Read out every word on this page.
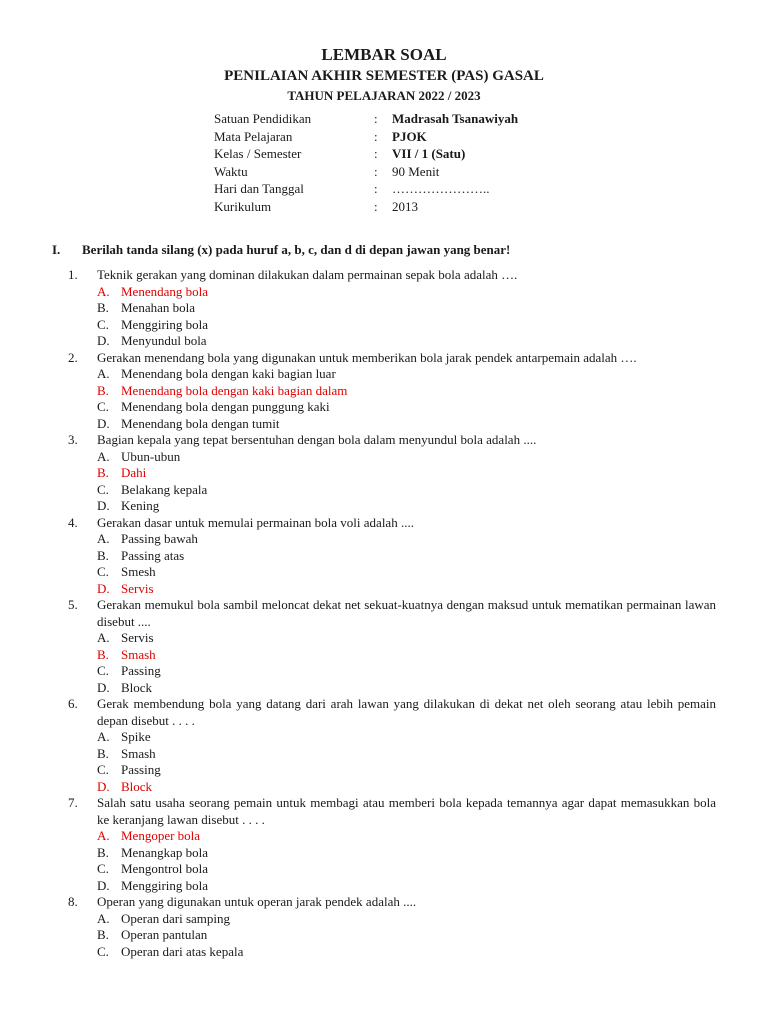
LEMBAR SOAL
PENILAIAN AKHIR SEMESTER (PAS) GASAL
TAHUN PELAJARAN 2022 / 2023
Satuan Pendidikan	:	Madrasah Tsanawiyah
Mata Pelajaran	:	PJOK
Kelas / Semester	:	VII / 1 (Satu)
Waktu	:	90 Menit
Hari dan Tanggal	:	…………………..
Kurikulum	:	2013
I.	Berilah tanda silang (x) pada huruf a, b, c, dan d di depan jawan yang benar!
1.	Teknik gerakan yang dominan dilakukan dalam permainan sepak bola adalah ….
A. Menendang bola
B. Menahan bola
C. Menggiring bola
D. Menyundul bola
2.	Gerakan menendang bola yang digunakan untuk memberikan bola jarak pendek antarpemain adalah ….
A. Menendang bola dengan kaki bagian luar
B. Menendang bola dengan kaki bagian dalam
C. Menendang bola dengan punggung kaki
D. Menendang bola dengan tumit
3.	Bagian kepala yang tepat bersentuhan dengan bola dalam menyundul bola adalah ....
A. Ubun-ubun
B. Dahi
C. Belakang kepala
D. Kening
4.	Gerakan dasar untuk memulai permainan bola voli adalah ....
A. Passing bawah
B. Passing atas
C. Smesh
D. Servis
5.	Gerakan memukul bola sambil meloncat dekat net sekuat-kuatnya dengan maksud untuk mematikan permainan lawan disebut ....
A. Servis
B. Smash
C. Passing
D. Block
6.	Gerak membendung bola yang datang dari arah lawan yang dilakukan di dekat net oleh seorang atau lebih pemain depan disebut . . . .
A. Spike
B. Smash
C. Passing
D. Block
7.	Salah satu usaha seorang pemain untuk membagi atau memberi bola kepada temannya agar dapat memasukkan bola ke keranjang lawan disebut . . . .
A. Mengoper bola
B. Menangkap bola
C. Mengontrol bola
D. Menggiring bola
8.	Operan yang digunakan untuk operan jarak pendek adalah ....
A. Operan dari samping
B. Operan pantulan
C. Operan dari atas kepala
